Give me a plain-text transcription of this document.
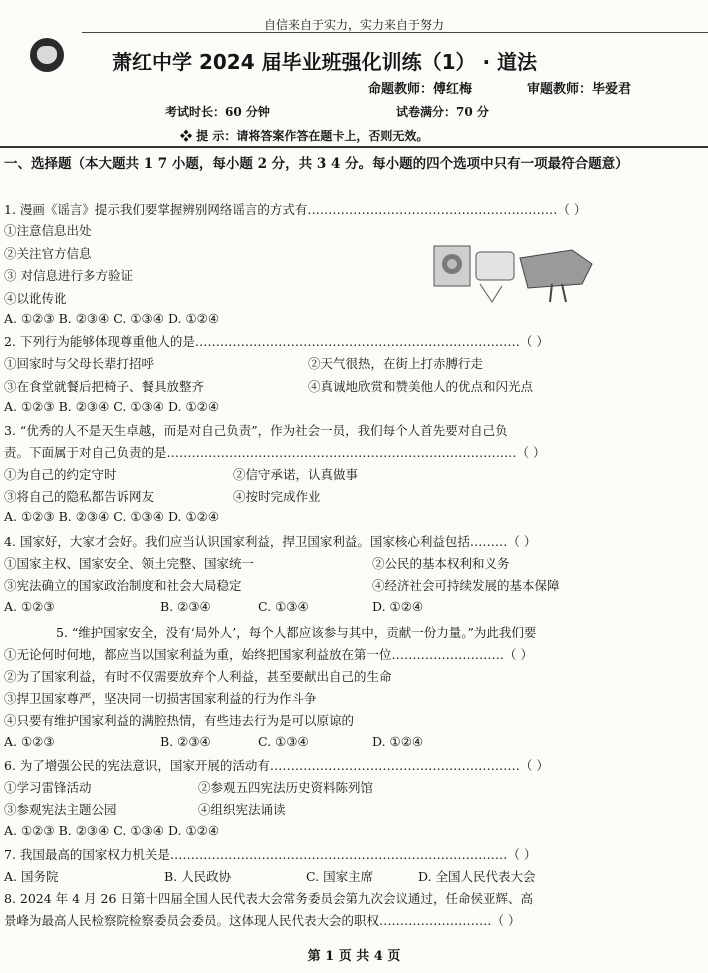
自信来自于实力，实力来自于努力
萧红中学 2024 届毕业班强化训练（1） · 道法
命题教师：傅红梅	审题教师：毕爱君
考试时长：60 分钟	试卷满分：70 分
❖ 提 示：请将答案作答在题卡上，否则无效。
一、选择题（本大题共 1 7 小题，每小题 2 分，共 3 4 分。每小题的四个选项中只有一项最符合题意）
1. 漫画《谣言》提示我们要掌握辨别网络谣言的方式有……………………………………………………（ ）
①注意信息出处
②关注官方信息
③ 对信息进行多方验证
④以讹传讹
A. ①②③ B. ②③④ C. ①③④ D. ①②④
2. 下列行为能够体现尊重他人的是……………………………………………………………………（ ）
①回家时与父母长辈打招呼	②天气很热，在街上打赤膊行走
③在食堂就餐后把椅子、餐具放整齐	④真诚地欣赏和赞美他人的优点和闪光点
A. ①②③ B. ②③④ C. ①③④ D. ①②④
3. “优秀的人不是天生卓越，而是对自己负责”，作为社会一员，我们每个人首先要对自己负
责。下面属于对自己负责的是…………………………………………………………………………（ ）
①为自己的约定守时	②信守承诺，认真做事
③将自己的隐私都告诉网友	④按时完成作业
A. ①②③ B. ②③④ C. ①③④ D. ①②④
4. 国家好，大家才会好。我们应当认识国家利益，捍卫国家利益。国家核心利益包括………（ ）
①国家主权、国家安全、领土完整、国家统一	②公民的基本权利和义务
③宪法确立的国家政治制度和社会大局稳定	④经济社会可持续发展的基本保障
A. ①②③	B. ②③④	C. ①③④	D. ①②④
5. “维护国家安全，没有‘局外人’，每个人都应该参与其中，贡献一份力量。”为此我们要
①无论何时何地，都应当以国家利益为重，始终把国家利益放在第一位………………………（ ）
②为了国家利益，有时不仅需要放弃个人利益，甚至要献出自己的生命
③捍卫国家尊严，坚决同一切损害国家利益的行为作斗争
④只要有维护国家利益的满腔热情，有些违去行为是可以原谅的
A. ①②③	B. ②③④	C. ①③④	D. ①②④
6. 为了增强公民的宪法意识，国家开展的活动有……………………………………………………（ ）
①学习雷锋活动	②参观五四宪法历史资料陈列馆
③参观宪法主题公园	④组织宪法诵读
A. ①②③ B. ②③④ C. ①③④ D. ①②④
7. 我国最高的国家权力机关是………………………………………………………………………（ ）
A. 国务院	B. 人民政协	C. 国家主席	D. 全国人民代表大会
8. 2024 年 4 月 26 日第十四届全国人民代表大会常务委员会第九次会议通过，任命侯亚辉、高
景峰为最高人民检察院检察委员会委员。这体现人民代表大会的职权………………………（ ）
第 1 页 共 4 页
